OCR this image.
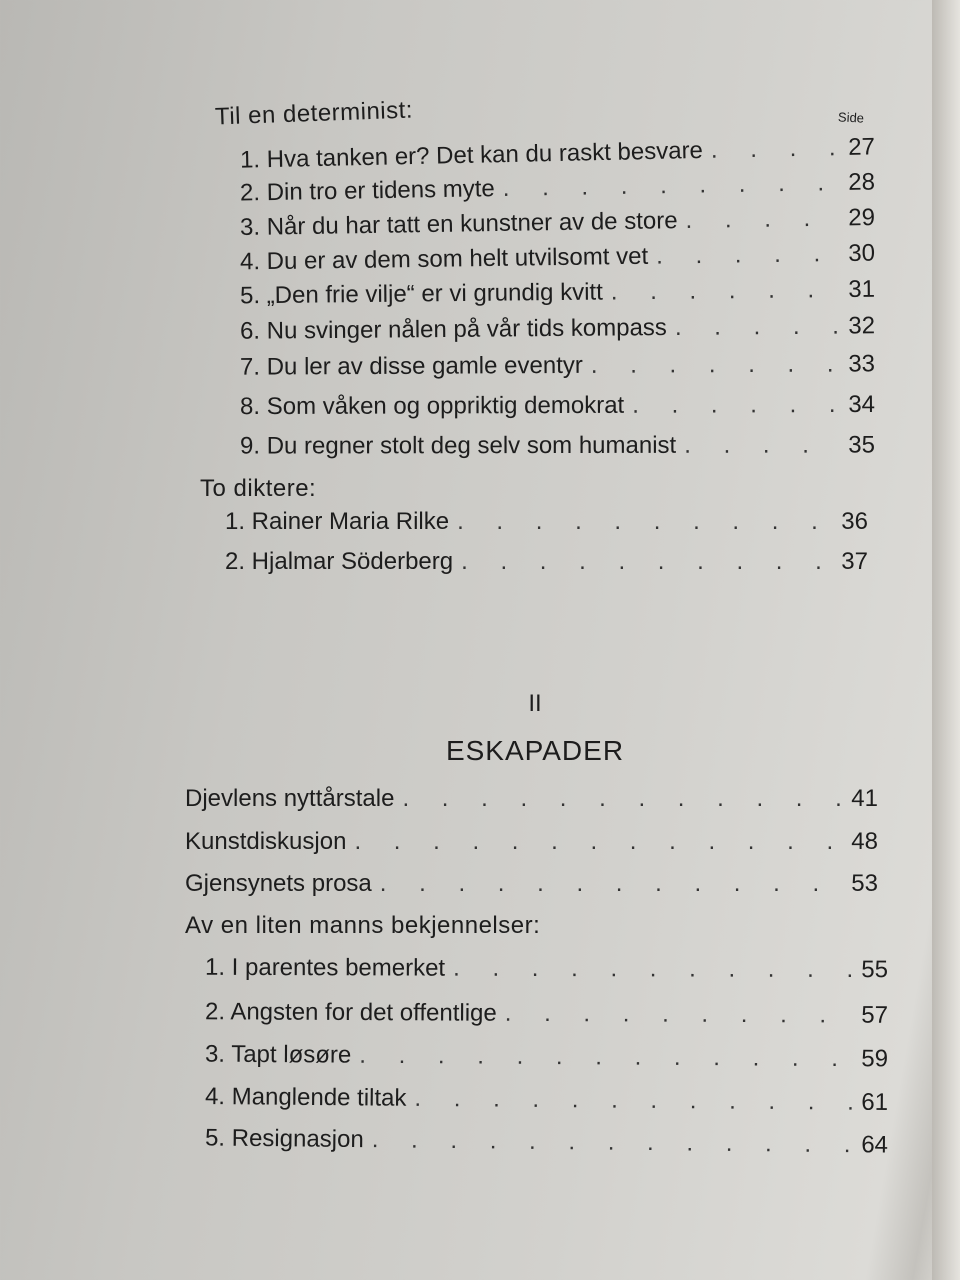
Til en determinist:	Side
To diktere:
II
ESKAPADER
Av en liten manns bekjennelser:
1. Hva tanken er? Det kan du raskt besvare . . .	27
2. Din tro er tidens myte . . .	28
3. Når du har tatt en kunstner av de store . . .	29
4. Du er av dem som helt utvilsomt vet . . .	30
5. „Den frie vilje“ er vi grundig kvitt . . .	31
6. Nu svinger nålen på vår tids kompass . . .	32
7. Du ler av disse gamle eventyr . . .	33
8. Som våken og oppriktig demokrat . . .	34
9. Du regner stolt deg selv som humanist . . .	35
1. Rainer Maria Rilke . . .	36
2. Hjalmar Söderberg . . .	37
Djevlens nyttårstale . . .	41
Kunstdiskusjon . . .	48
Gjensynets prosa . . .	53
1. I parentes bemerket . . .	55
2. Angsten for det offentlige . . .	57
3. Tapt løsøre . . .	59
4. Manglende tiltak . . .	61
5. Resignasjon . . .	64
